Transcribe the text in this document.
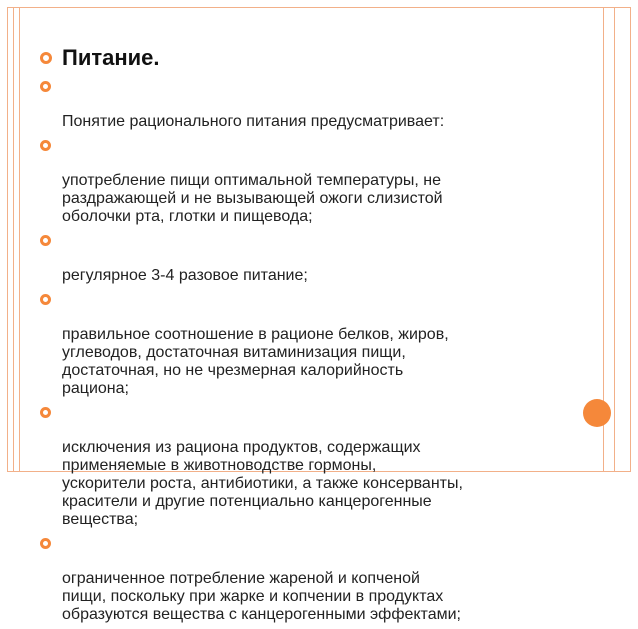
Питание.

Понятие рационального питания предусматривает:

употребление пищи оптимальной температуры, не
раздражающей и не вызывающей ожоги слизистой
оболочки рта, глотки и пищевода;

регулярное 3-4 разовое питание;

правильное соотношение в рационе белков, жиров,
углеводов, достаточная витаминизация пищи,
достаточная, но не чрезмерная калорийность
рациона;

исключения из рациона продуктов, содержащих
применяемые в животноводстве гормоны,
ускорители роста, антибиотики, а также консерванты,
красители и другие потенциально канцерогенные
вещества;

ограниченное потребление жареной и копченой
пищи, поскольку при жарке и копчении в продуктах
образуются вещества с канцерогенными эффектами;
